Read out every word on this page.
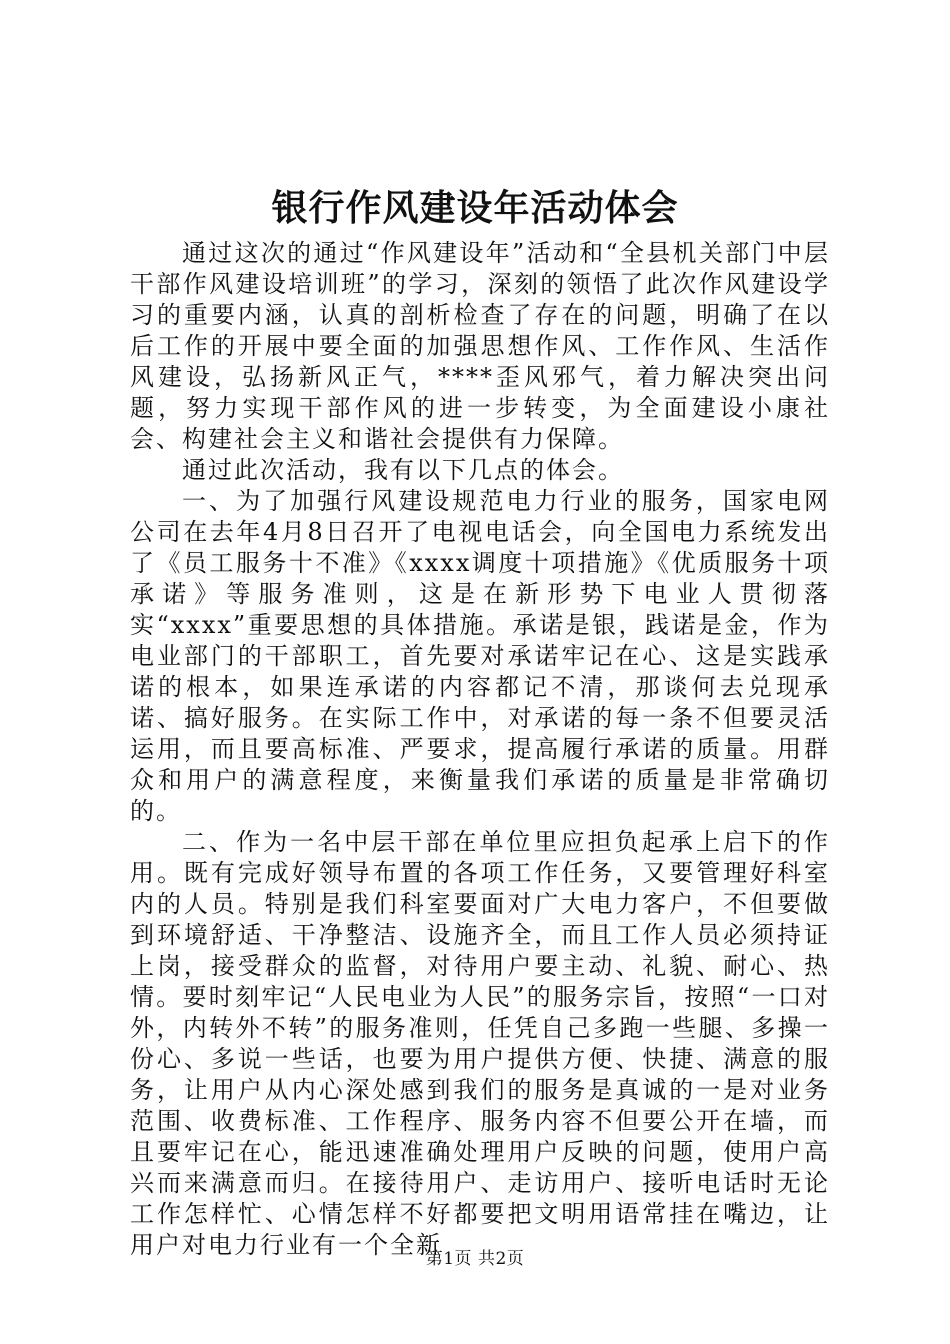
银行作风建设年活动体会

通过这次的通过“作风建设年”活动和“全县机关部门中层干部作风建设培训班”的学习，深刻的领悟了此次作风建设学习的重要内涵，认真的剖析检查了存在的问题，明确了在以后工作的开展中要全面的加强思想作风、工作作风、生活作风建设，弘扬新风正气，****歪风邪气，着力解决突出问题，努力实现干部作风的进一步转变，为全面建设小康社会、构建社会主义和谐社会提供有力保障。

通过此次活动，我有以下几点的体会。

一、为了加强行风建设规范电力行业的服务，国家电网公司在去年4月8日召开了电视电话会，向全国电力系统发出了《员工服务十不准》《xxxx调度十项措施》《优质服务十项承诺》等服务准则，这是在新形势下电业人贯彻落实“xxxx”重要思想的具体措施。承诺是银，践诺是金，作为电业部门的干部职工，首先要对承诺牢记在心、这是实践承诺的根本，如果连承诺的内容都记不清，那谈何去兑现承诺、搞好服务。在实际工作中，对承诺的每一条不但要灵活运用，而且要高标准、严要求，提高履行承诺的质量。用群众和用户的满意程度，来衡量我们承诺的质量是非常确切的。

二、作为一名中层干部在单位里应担负起承上启下的作用。既有完成好领导布置的各项工作任务，又要管理好科室内的人员。特别是我们科室要面对广大电力客户，不但要做到环境舒适、干净整洁、设施齐全，而且工作人员必须持证上岗，接受群众的监督，对待用户要主动、礼貌、耐心、热情。要时刻牢记“人民电业为人民”的服务宗旨，按照“一口对外，内转外不转”的服务准则，任凭自己多跑一些腿、多操一份心、多说一些话，也要为用户提供方便、快捷、满意的服务，让用户从内心深处感到我们的服务是真诚的一是对业务范围、收费标准、工作程序、服务内容不但要公开在墙，而且要牢记在心，能迅速准确处理用户反映的问题，使用户高兴而来满意而归。在接待用户、走访用户、接听电话时无论工作怎样忙、心情怎样不好都要把文明用语常挂在嘴边，让用户对电力行业有一个全新

第1页 共2页
